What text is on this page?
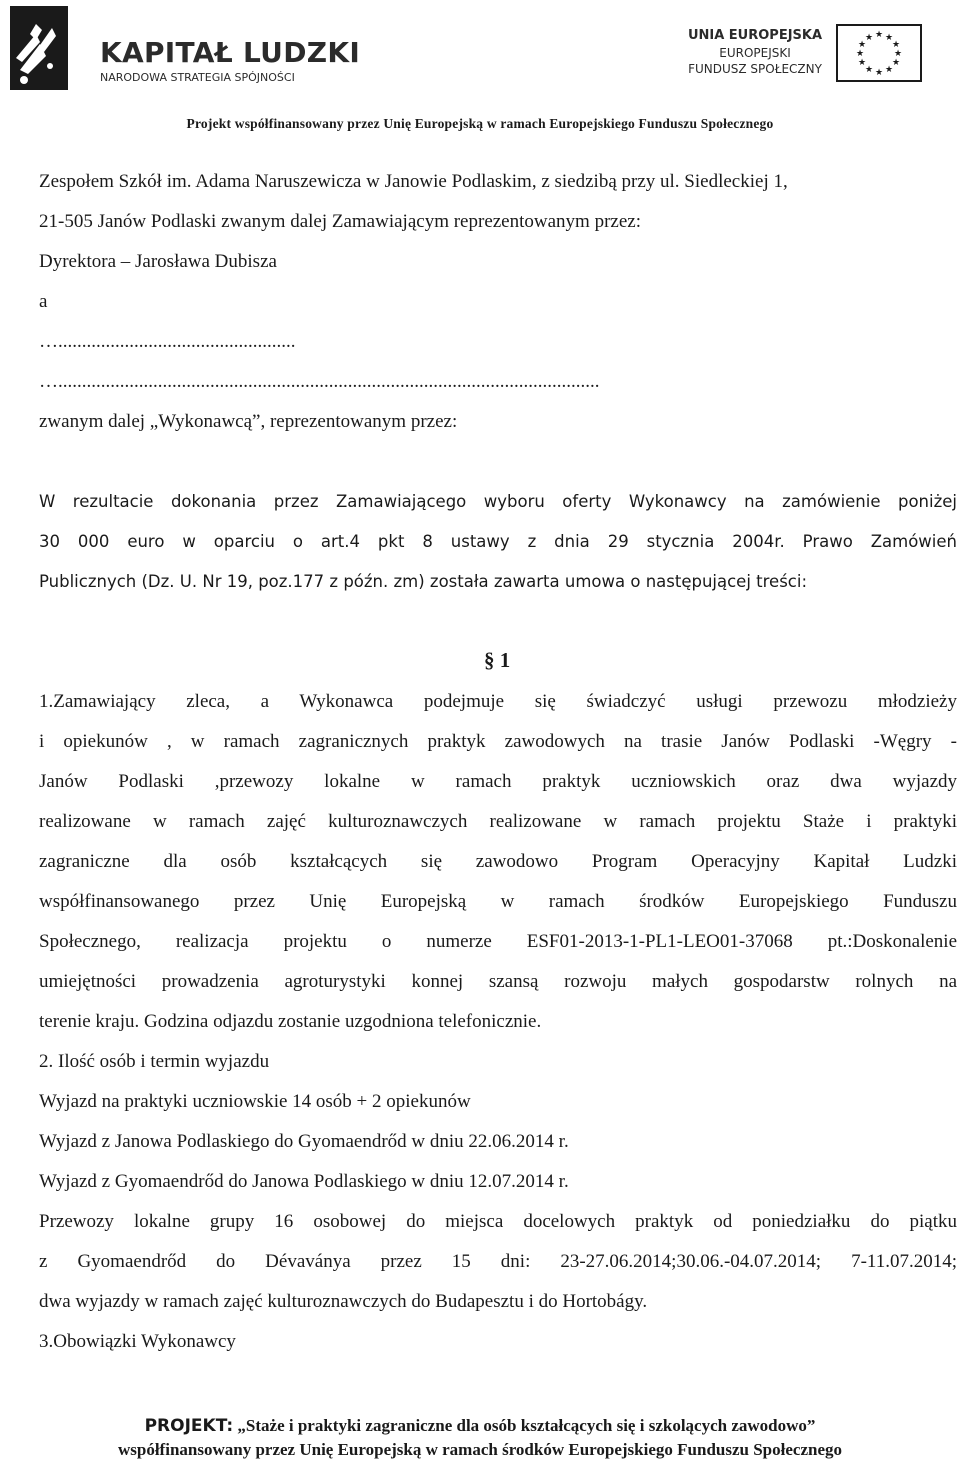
KAPITAŁ LUDZKI
NARODOWA STRATEGIA SPÓJNOŚCI
UNIA EUROPEJSKA
EUROPEJSKI
FUNDUSZ SPOŁECZNY
★ ★
★
★
★
★
★
★
★
★
★
★
Projekt współfinansowany przez Unię Europejską w ramach Europejskiego Funduszu Społecznego

Zespołem Szkół im. Adama Naruszewicza w Janowie Podlaskim, z siedzibą przy ul. Siedleckiej 1,

21-505 Janów Podlaski zwanym dalej Zamawiającym reprezentowanym przez:

Dyrektora – Jarosława Dubisza

a

…..................................................

…..................................................................................................................

zwanym dalej „Wykonawcą”, reprezentowanym przez:

W rezultacie dokonania przez Zamawiającego wyboru oferty Wykonawcy na zamówienie poniżej

30 000 euro w oparciu o art.4 pkt 8 ustawy z dnia 29 stycznia 2004r. Prawo Zamówień

Publicznych (Dz. U. Nr 19, poz.177 z późn. zm) została zawarta umowa o następującej treści:

§ 1

1.Zamawiający zleca, a Wykonawca podejmuje się świadczyć usługi przewozu młodzieży

i opiekunów , w ramach zagranicznych praktyk zawodowych na trasie Janów Podlaski -Węgry -

Janów Podlaski ,przewozy lokalne w ramach praktyk uczniowskich oraz dwa wyjazdy

realizowane w ramach zajęć kulturoznawczych realizowane w ramach projektu Staże i praktyki

zagraniczne dla osób kształcących się zawodowo Program Operacyjny Kapitał Ludzki

współfinansowanego przez Unię Europejską w ramach środków Europejskiego Funduszu

Społecznego, realizacja projektu o numerze ESF01-2013-1-PL1-LEO01-37068 pt.:Doskonalenie

umiejętności prowadzenia agroturystyki konnej szansą rozwoju małych gospodarstw rolnych na

terenie kraju. Godzina odjazdu zostanie uzgodniona telefonicznie.

2. Ilość osób i termin wyjazdu

Wyjazd na praktyki uczniowskie 14 osób + 2 opiekunów

Wyjazd z Janowa Podlaskiego do Gyomaendrőd w dniu 22.06.2014 r.

Wyjazd z Gyomaendrőd do Janowa Podlaskiego w dniu 12.07.2014 r.

Przewozy lokalne grupy 16 osobowej do miejsca docelowych praktyk od poniedziałku do piątku

z Gyomaendrőd do Dévaványa przez 15 dni: 23-27.06.2014;30.06.-04.07.2014; 7-11.07.2014;

dwa wyjazdy w ramach zajęć kulturoznawczych do Budapesztu i do Hortobágy.

3.Obowiązki Wykonawcy

PROJEKT: „Staże i praktyki zagraniczne dla osób kształcących się i szkolących zawodowo”
współfinansowany przez Unię Europejską w ramach środków Europejskiego Funduszu Społecznego
